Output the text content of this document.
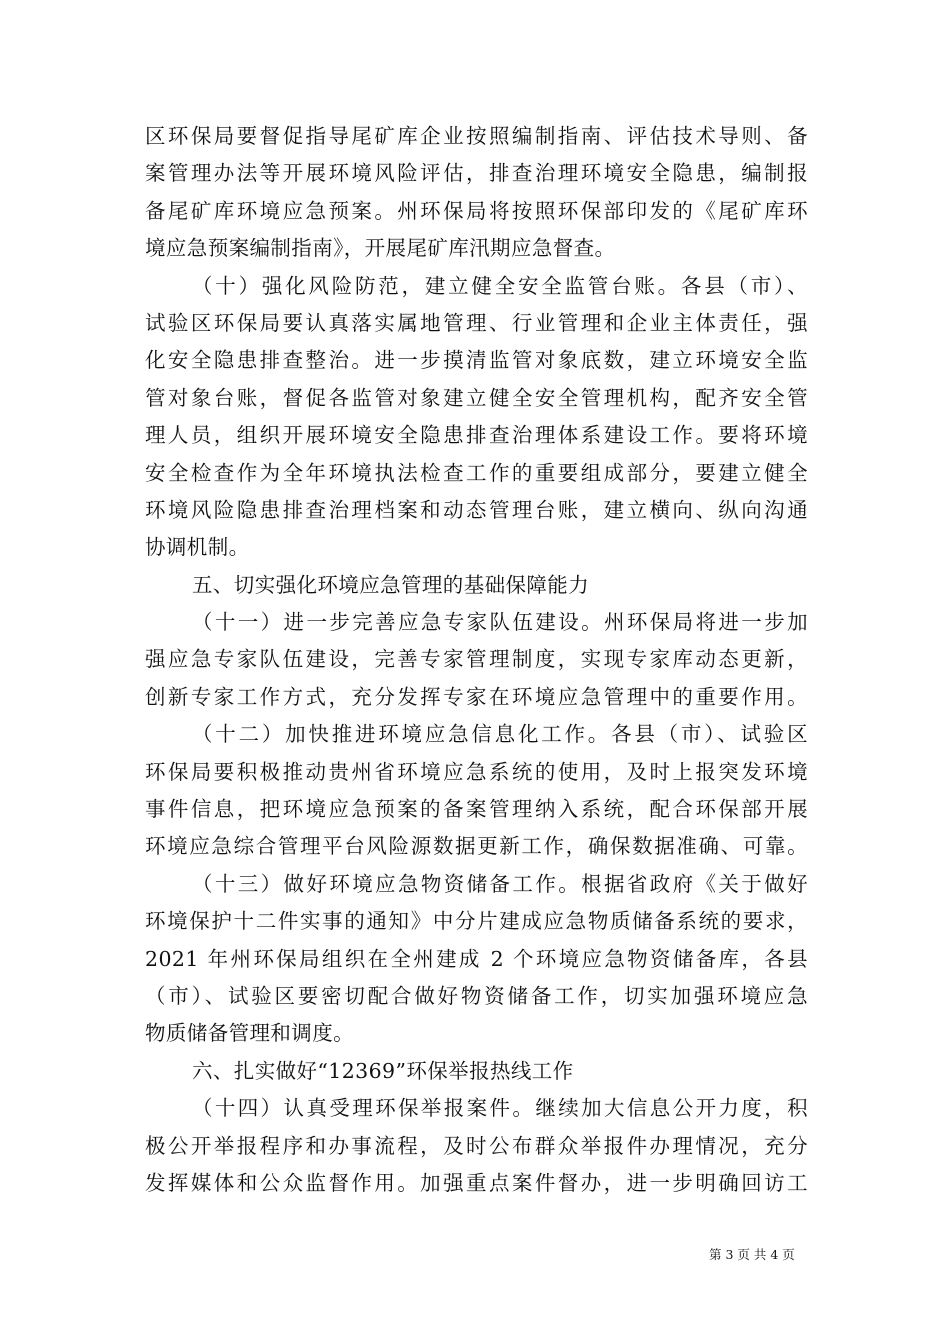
区环保局要督促指导尾矿库企业按照编制指南、评估技术导则、备
案管理办法等开展环境风险评估，排查治理环境安全隐患，编制报
备尾矿库环境应急预案。州环保局将按照环保部印发的《尾矿库环
境应急预案编制指南》，开展尾矿库汛期应急督查。
（十）强化风险防范，建立健全安全监管台账。各县（市）、
试验区环保局要认真落实属地管理、行业管理和企业主体责任，强
化安全隐患排查整治。进一步摸清监管对象底数，建立环境安全监
管对象台账，督促各监管对象建立健全安全管理机构，配齐安全管
理人员，组织开展环境安全隐患排查治理体系建设工作。要将环境
安全检查作为全年环境执法检查工作的重要组成部分，要建立健全
环境风险隐患排查治理档案和动态管理台账，建立横向、纵向沟通
协调机制。
五、切实强化环境应急管理的基础保障能力
（十一）进一步完善应急专家队伍建设。州环保局将进一步加
强应急专家队伍建设，完善专家管理制度，实现专家库动态更新，
创新专家工作方式，充分发挥专家在环境应急管理中的重要作用。
（十二）加快推进环境应急信息化工作。各县（市）、试验区
环保局要积极推动贵州省环境应急系统的使用，及时上报突发环境
事件信息，把环境应急预案的备案管理纳入系统，配合环保部开展
环境应急综合管理平台风险源数据更新工作，确保数据准确、可靠。
（十三）做好环境应急物资储备工作。根据省政府《关于做好
环境保护十二件实事的通知》中分片建成应急物质储备系统的要求，
2021 年州环保局组织在全州建成 2 个环境应急物资储备库，各县
（市）、试验区要密切配合做好物资储备工作，切实加强环境应急
物质储备管理和调度。
六、扎实做好“12369”环保举报热线工作
（十四）认真受理环保举报案件。继续加大信息公开力度，积
极公开举报程序和办事流程，及时公布群众举报件办理情况，充分
发挥媒体和公众监督作用。加强重点案件督办，进一步明确回访工
第 3 页 共 4 页
